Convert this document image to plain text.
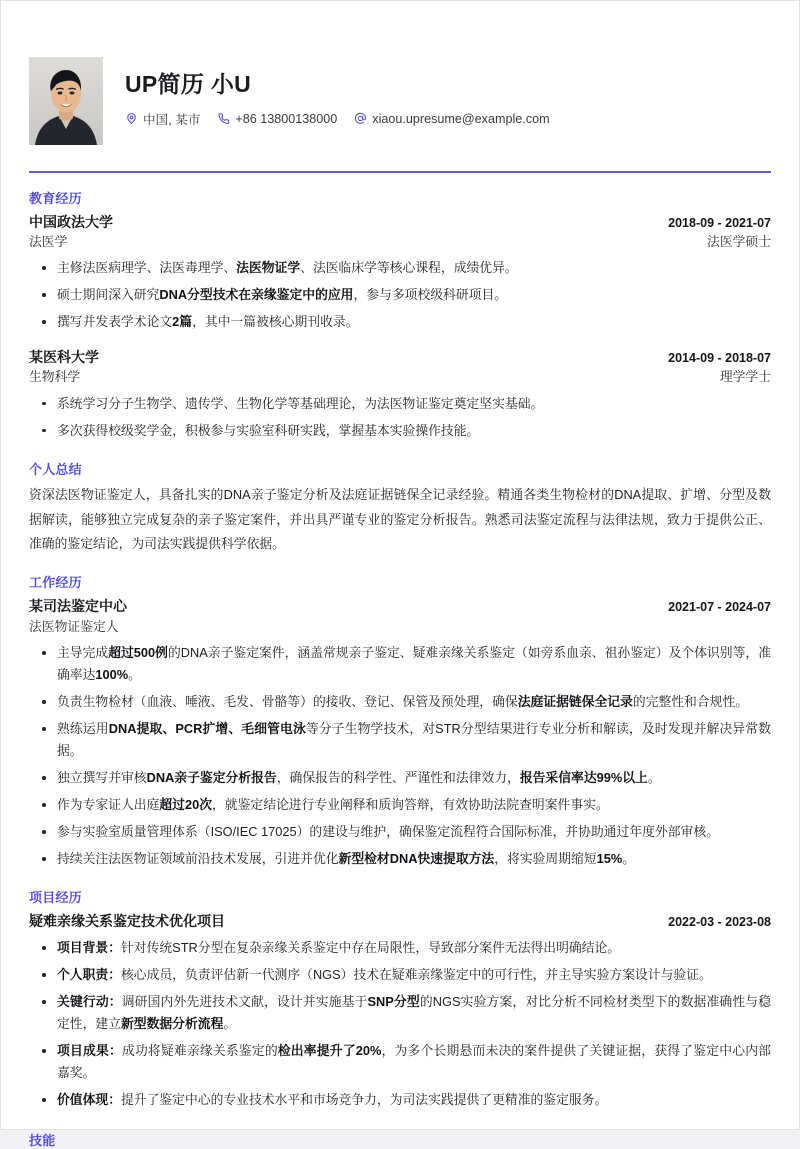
UP简历 小U
中国, 某市	+86 13800138000	xiaou.upresume@example.com
教育经历
中国政法大学	2018-09 - 2021-07
法医学	法医学硕士
主修法医病理学、法医毒理学、法医物证学、法医临床学等核心课程，成绩优异。
硕士期间深入研究DNA分型技术在亲缘鉴定中的应用，参与多项校级科研项目。
撰写并发表学术论文2篇，其中一篇被核心期刊收录。
某医科大学	2014-09 - 2018-07
生物科学	理学学士
系统学习分子生物学、遗传学、生物化学等基础理论，为法医物证鉴定奠定坚实基础。
多次获得校级奖学金，积极参与实验室科研实践，掌握基本实验操作技能。
个人总结
资深法医物证鉴定人，具备扎实的DNA亲子鉴定分析及法庭证据链保全记录经验。精通各类生物检材的DNA提取、扩增、分型及数据解读，能够独立完成复杂的亲子鉴定案件，并出具严谨专业的鉴定分析报告。熟悉司法鉴定流程与法律法规，致力于提供公正、准确的鉴定结论，为司法实践提供科学依据。
工作经历
某司法鉴定中心	2021-07 - 2024-07
法医物证鉴定人
主导完成超过500例的DNA亲子鉴定案件，涵盖常规亲子鉴定、疑难亲缘关系鉴定（如旁系血亲、祖孙鉴定）及个体识别等，准确率达100%。
负责生物检材（血液、唾液、毛发、骨骼等）的接收、登记、保管及预处理，确保法庭证据链保全记录的完整性和合规性。
熟练运用DNA提取、PCR扩增、毛细管电泳等分子生物学技术，对STR分型结果进行专业分析和解读，及时发现并解决异常数据。
独立撰写并审核DNA亲子鉴定分析报告，确保报告的科学性、严谨性和法律效力，报告采信率达99%以上。
作为专家证人出庭超过20次，就鉴定结论进行专业阐释和质询答辩，有效协助法院查明案件事实。
参与实验室质量管理体系（ISO/IEC 17025）的建设与维护，确保鉴定流程符合国际标准，并协助通过年度外部审核。
持续关注法医物证领域前沿技术发展，引进并优化新型检材DNA快速提取方法，将实验周期缩短15%。
项目经历
疑难亲缘关系鉴定技术优化项目	2022-03 - 2023-08
项目背景：针对传统STR分型在复杂亲缘关系鉴定中存在局限性，导致部分案件无法得出明确结论。
个人职责：核心成员，负责评估新一代测序（NGS）技术在疑难亲缘鉴定中的可行性，并主导实验方案设计与验证。
关键行动：调研国内外先进技术文献，设计并实施基于SNP分型的NGS实验方案，对比分析不同检材类型下的数据准确性与稳定性，建立新型数据分析流程。
项目成果：成功将疑难亲缘关系鉴定的检出率提升了20%，为多个长期悬而未决的案件提供了关键证据，获得了鉴定中心内部嘉奖。
价值体现：提升了鉴定中心的专业技术水平和市场竞争力，为司法实践提供了更精准的鉴定服务。
技能
